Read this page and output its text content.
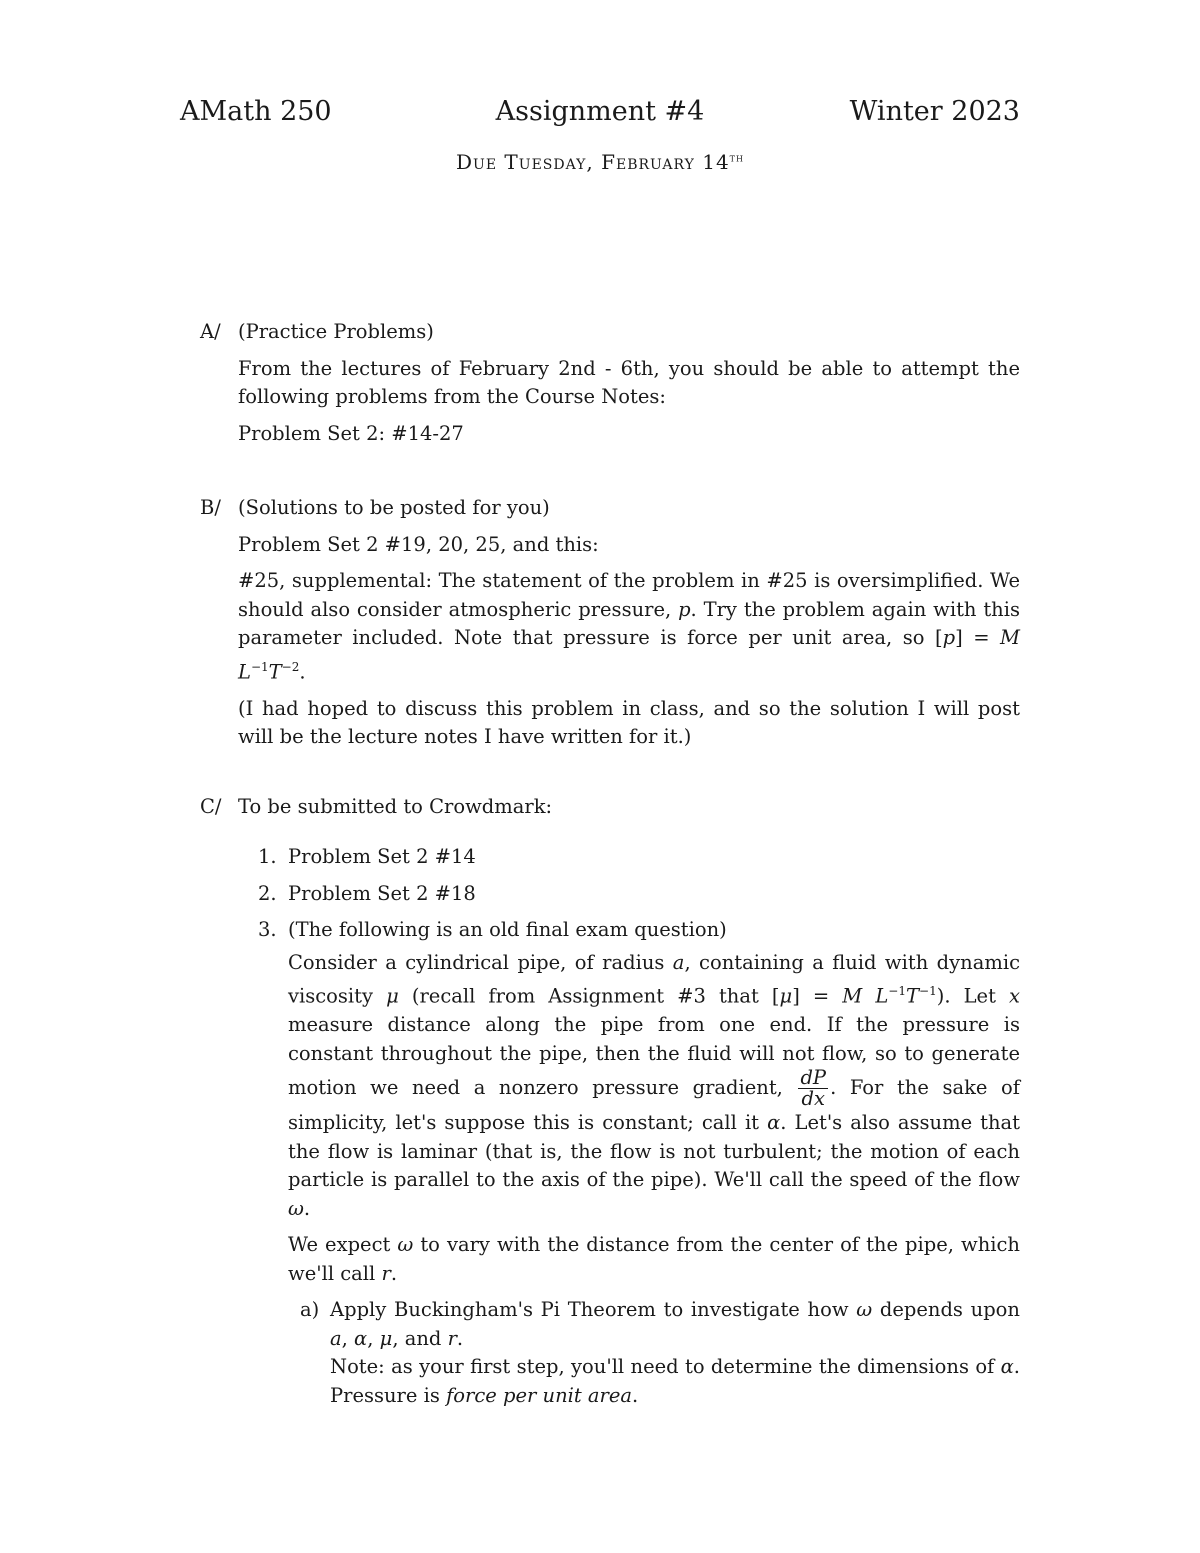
AMath 250	Assignment #4	Winter 2023
Due Tuesday, February 14th
A/ (Practice Problems)

From the lectures of February 2nd - 6th, you should be able to attempt the following problems from the Course Notes:

Problem Set 2: #14-27

B/ (Solutions to be posted for you)

Problem Set 2 #19, 20, 25, and this:

#25, supplemental: The statement of the problem in #25 is oversimplified. We should also consider atmospheric pressure, p. Try the problem again with this parameter included. Note that pressure is force per unit area, so [p] = M $L^{-1}T^{-2}$.

(I had hoped to discuss this problem in class, and so the solution I will post will be the lecture notes I have written for it.)

C/ To be submitted to Crowdmark:

1. Problem Set 2 #14
2. Problem Set 2 #18
3. (The following is an old final exam question)

Consider a cylindrical pipe, of radius a, containing a fluid with dynamic viscosity μ (recall from Assignment #3 that [μ] = M $L^{-1}T^{-1}$). Let x measure distance along the pipe from one end. If the pressure is constant throughout the pipe, then the fluid will not flow, so to generate motion we need a nonzero pressure gradient, $\frac{dP}{dx}$ . For the sake of simplicity, let's suppose this is constant; call it α. Let's also assume that the flow is laminar (that is, the flow is not turbulent; the motion of each particle is parallel to the axis of the pipe). We'll call the speed of the flow ω.

We expect ω to vary with the distance from the center of the pipe, which we'll call r.

a) Apply Buckingham's Pi Theorem to investigate how ω depends upon a, α, μ, and r.

Note: as your first step, you'll need to determine the dimensions of α. Pressure is force per unit area.
